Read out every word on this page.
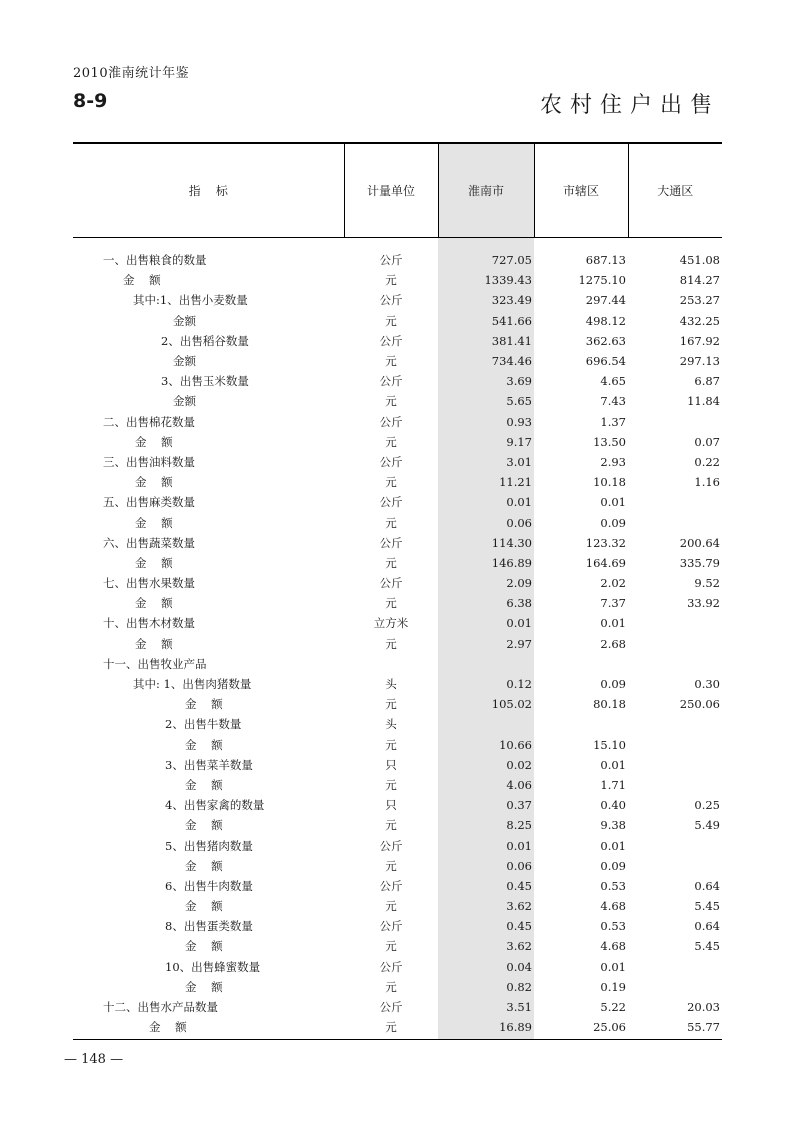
2010淮南统计年鉴
8-9	农村住户出售
指    标	计量单位	淮南市	市辖区	大通区

一、出售粮食的数量	公斤	727.05	687.13	451.08
金    额	元	1339.43	1275.10	814.27
其中:1、出售小麦数量	公斤	323.49	297.44	253.27
金额	元	541.66	498.12	432.25
2、出售稻谷数量	公斤	381.41	362.63	167.92
金额	元	734.46	696.54	297.13
3、出售玉米数量	公斤	3.69	4.65	6.87
金额	元	5.65	7.43	11.84
二、出售棉花数量	公斤	0.93	1.37	
金    额	元	9.17	13.50	0.07
三、出售油料数量	公斤	3.01	2.93	0.22
金    额	元	11.21	10.18	1.16
五、出售麻类数量	公斤	0.01	0.01	
金    额	元	0.06	0.09	
六、出售蔬菜数量	公斤	114.30	123.32	200.64
金    额	元	146.89	164.69	335.79
七、出售水果数量	公斤	2.09	2.02	9.52
金    额	元	6.38	7.37	33.92
十、出售木材数量	立方米	0.01	0.01	
金    额	元	2.97	2.68	
十一、出售牧业产品				
其中: 1、出售肉猪数量	头	0.12	0.09	0.30
金    额	元	105.02	80.18	250.06
2、出售牛数量	头			
金    额	元	10.66	15.10	
3、出售菜羊数量	只	0.02	0.01	
金    额	元	4.06	1.71	
4、出售家禽的数量	只	0.37	0.40	0.25
金    额	元	8.25	9.38	5.49
5、出售猪肉数量	公斤	0.01	0.01	
金    额	元	0.06	0.09	
6、出售牛肉数量	公斤	0.45	0.53	0.64
金    额	元	3.62	4.68	5.45
8、出售蛋类数量	公斤	0.45	0.53	0.64
金    额	元	3.62	4.68	5.45
10、出售蜂蜜数量	公斤	0.04	0.01	
金    额	元	0.82	0.19	
十二、出售水产品数量	公斤	3.51	5.22	20.03
金    额	元	16.89	25.06	55.77
— 148 —
